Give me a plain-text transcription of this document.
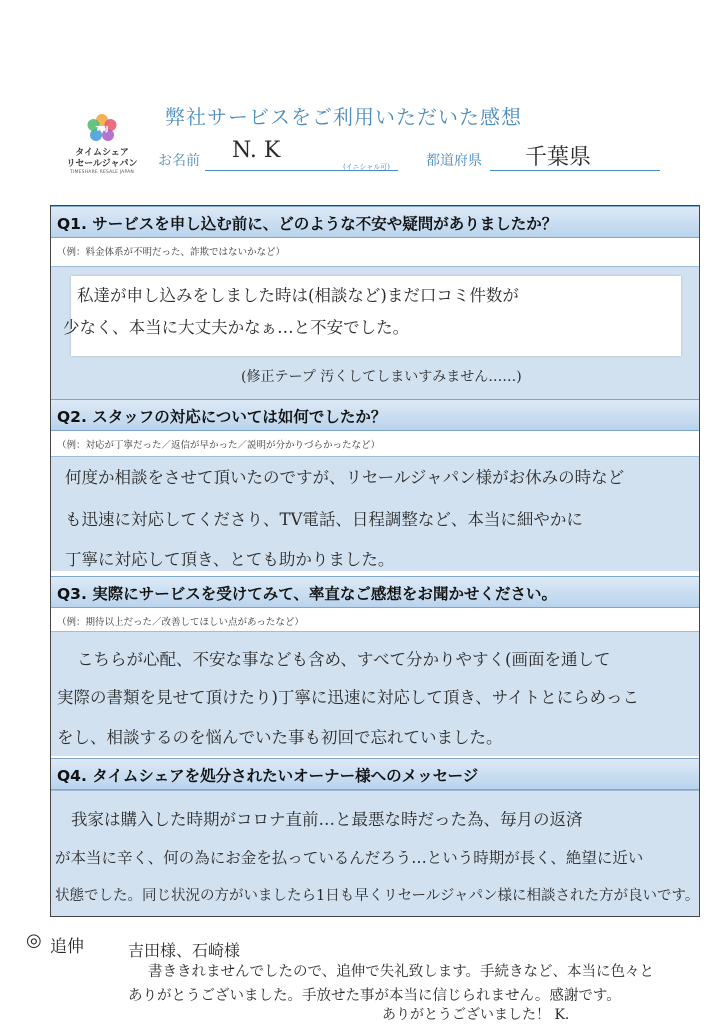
TRJ
タイムシェア
リセールジャパン
TIMESHARE RESALE JAPAN
弊社サービスをご利用いただいた感想
お名前 N. K
(イニシャル可)	都道府県 千葉県
Q1. サービスを申し込む前に、どのような不安や疑問がありましたか？
（例：料金体系が不明だった、詐欺ではないかなど）
私達が申し込みをしました時は(相談など)まだ口コミ件数が
少なく、本当に大丈夫かなぁ…と不安でした。
(修正テープ 汚くしてしまいすみません……)
Q2. スタッフの対応については如何でしたか？
（例：対応が丁寧だった／返信が早かった／説明が分かりづらかったなど）
何度か相談をさせて頂いたのですが、リセールジャパン様がお休みの時など
も迅速に対応してくださり、TV電話、日程調整など、本当に細やかに
丁寧に対応して頂き、とても助かりました。
Q3. 実際にサービスを受けてみて、率直なご感想をお聞かせください。
（例：期待以上だった／改善してほしい点があったなど）
こちらが心配、不安な事なども含め、すべて分かりやすく(画面を通して
実際の書類を見せて頂けたり)丁寧に迅速に対応して頂き、サイトとにらめっこ
をし、相談するのを悩んでいた事も初回で忘れていました。
Q4. タイムシェアを処分されたいオーナー様へのメッセージ
我家は購入した時期がコロナ直前…と最悪な時だった為、毎月の返済
が本当に辛く、何の為にお金を払っているんだろう…という時期が長く、絶望に近い
状態でした。同じ状況の方がいましたら1日も早くリセールジャパン様に相談された方が良いです。
◎ 追伸	吉田様、石崎様
書ききれませんでしたので、追伸で失礼致します。手続きなど、本当に色々と
ありがとうございました。手放せた事が本当に信じられません。感謝です。
ありがとうございました！ K.
